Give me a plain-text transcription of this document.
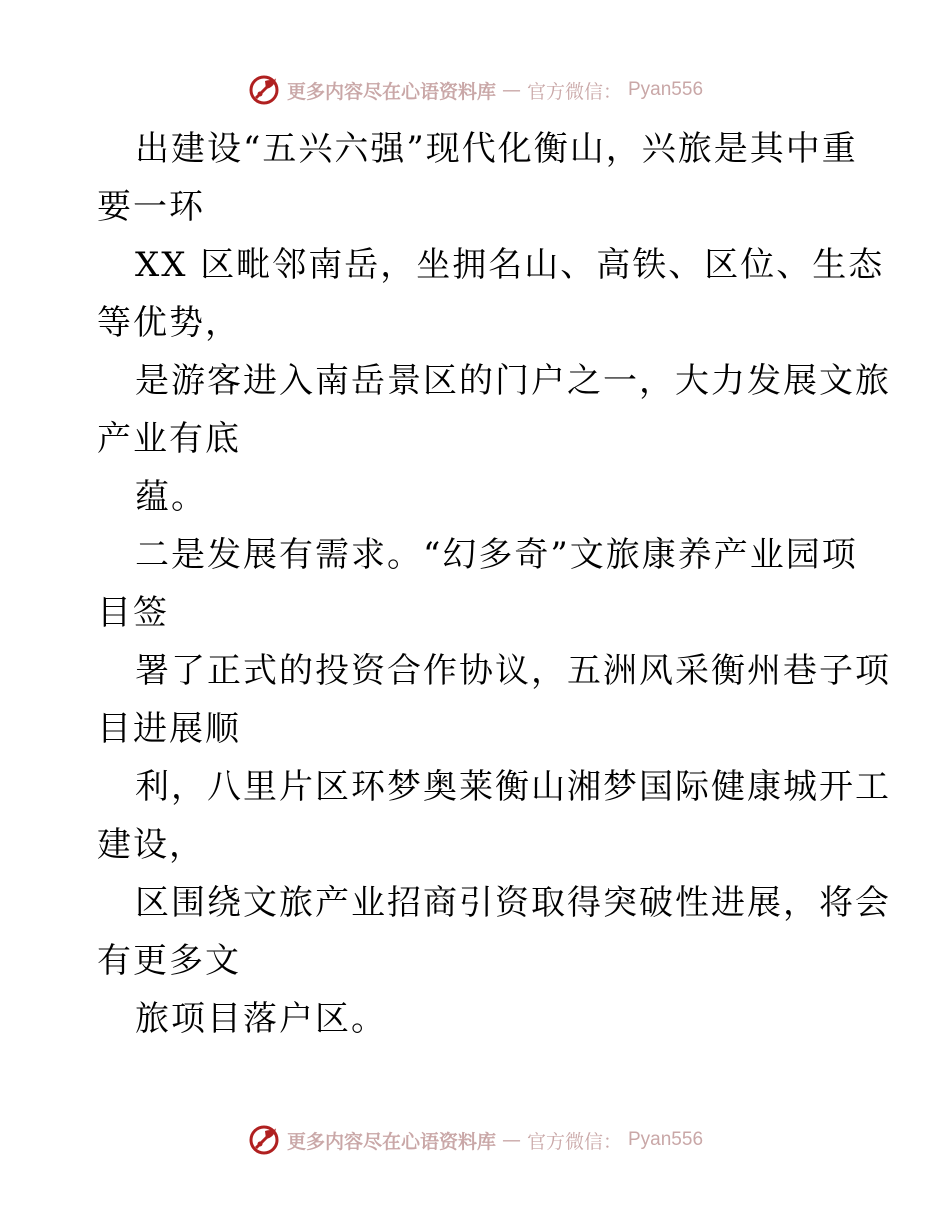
更多内容尽在心语资料库 — 官方微信： Pyan556
出建设“五兴六强”现代化衡山，兴旅是其中重
要一环
XX 区毗邻南岳，坐拥名山、高铁、区位、生态
等优势，
是游客进入南岳景区的门户之一，大力发展文旅
产业有底
蕴。
二是发展有需求。“幻多奇”文旅康养产业园项
目签
署了正式的投资合作协议，五洲风采衡州巷子项
目进展顺
利，八里片区环梦奥莱衡山湘梦国际健康城开工
建设，
区围绕文旅产业招商引资取得突破性进展，将会
有更多文
旅项目落户区。
更多内容尽在心语资料库 — 官方微信： Pyan556
